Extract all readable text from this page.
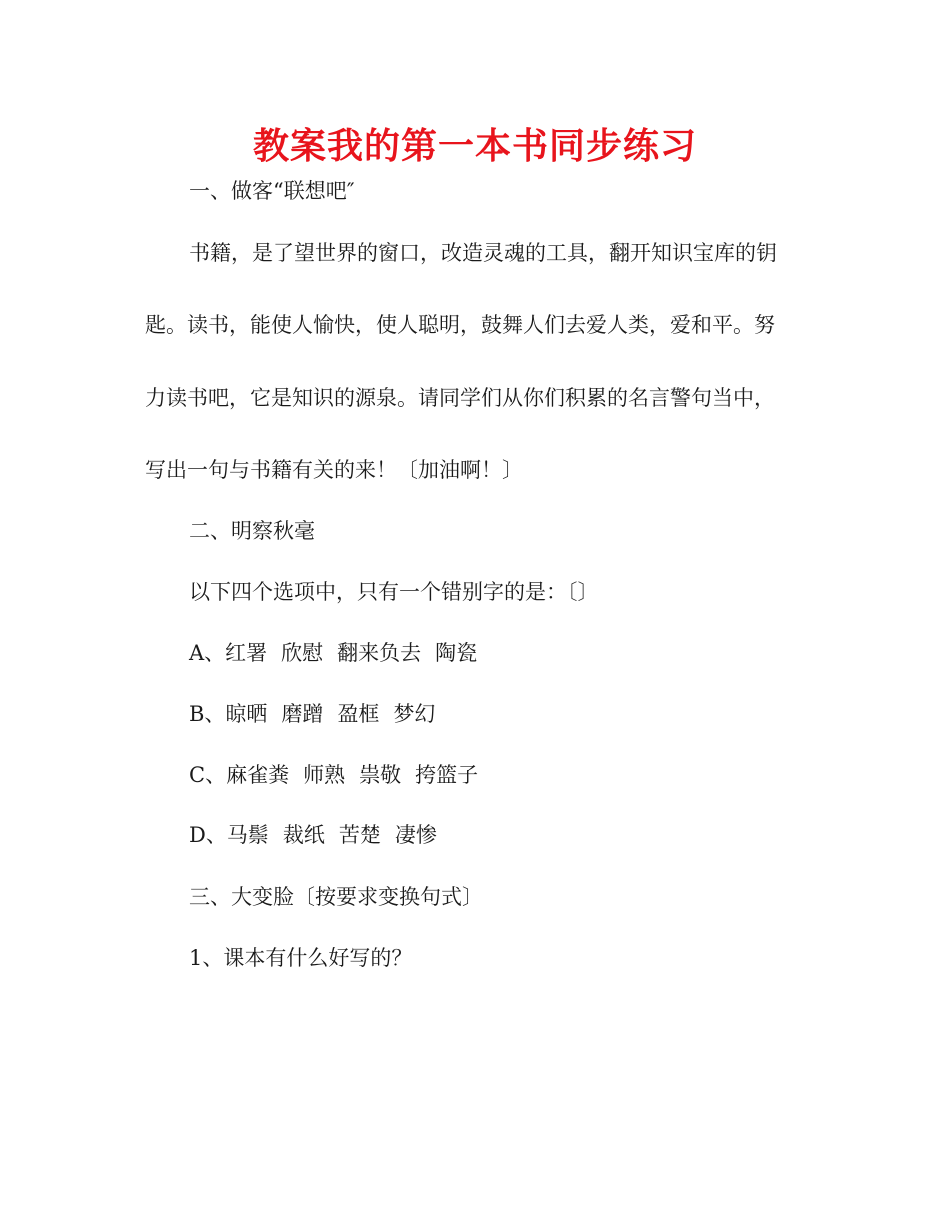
教案我的第一本书同步练习
一、做客“联想吧″
书籍，是了望世界的窗口，改造灵魂的工具，翻开知识宝库的钥
匙。读书，能使人愉快，使人聪明，鼓舞人们去爱人类，爱和平。努
力读书吧，它是知识的源泉。请同学们从你们积累的名言警句当中，
写出一句与书籍有关的来！〔加油啊！〕
二、明察秋毫
以下四个选项中，只有一个错别字的是：〔〕
A、红署 欣慰 翻来负去 陶瓷
B、晾晒 磨蹭 盈框 梦幻
C、麻雀粪 师熟 祟敬 挎篮子
D、马鬃 裁纸 苦楚 凄惨
三、大变脸〔按要求变换句式〕
1、课本有什么好写的？
